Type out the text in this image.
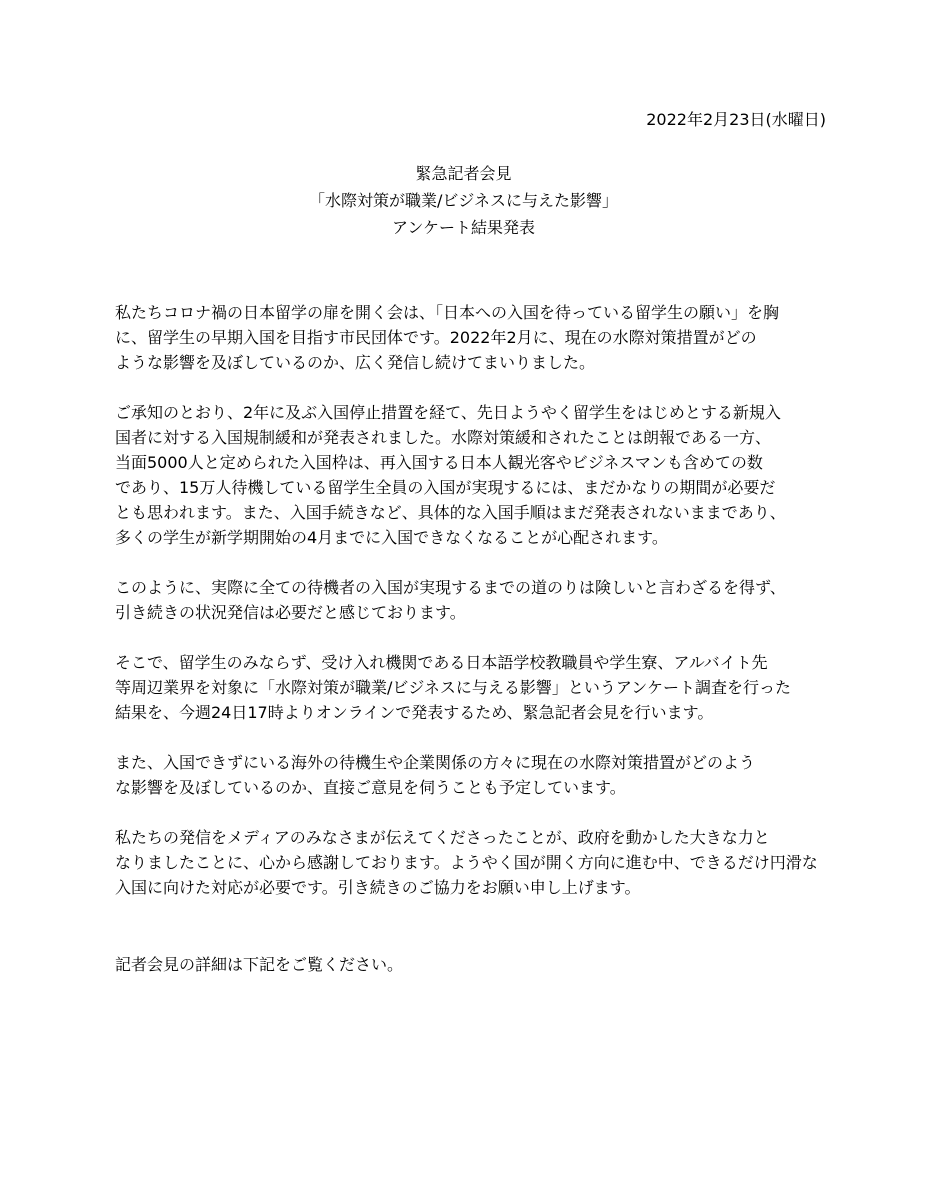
2022年2月23日(水曜日)
緊急記者会見
「水際対策が職業/ビジネスに与えた影響」
アンケート結果発表

私たちコロナ禍の日本留学の扉を開く会は、「日本への入国を待っている留学生の願い」を胸
に、留学生の早期入国を目指す市民団体です。2022年2月に、現在の水際対策措置がどの
ような影響を及ぼしているのか、広く発信し続けてまいりました。

ご承知のとおり、2年に及ぶ入国停止措置を経て、先日ようやく留学生をはじめとする新規入
国者に対する入国規制緩和が発表されました。水際対策緩和されたことは朗報である一方、
当面5000人と定められた入国枠は、再入国する日本人観光客やビジネスマンも含めての数
であり、15万人待機している留学生全員の入国が実現するには、まだかなりの期間が必要だ
とも思われます。また、入国手続きなど、具体的な入国手順はまだ発表されないままであり、
多くの学生が新学期開始の4月までに入国できなくなることが心配されます。

このように、実際に全ての待機者の入国が実現するまでの道のりは険しいと言わざるを得ず、
引き続きの状況発信は必要だと感じております。

そこで、留学生のみならず、受け入れ機関である日本語学校教職員や学生寮、アルバイト先
等周辺業界を対象に「水際対策が職業/ビジネスに与える影響」というアンケート調査を行った
結果を、今週24日17時よりオンラインで発表するため、緊急記者会見を行います。

また、入国できずにいる海外の待機生や企業関係の方々に現在の水際対策措置がどのよう
な影響を及ぼしているのか、直接ご意見を伺うことも予定しています。

私たちの発信をメディアのみなさまが伝えてくださったことが、政府を動かした大きな力と
なりましたことに、心から感謝しております。ようやく国が開く方向に進む中、できるだけ円滑な
入国に向けた対応が必要です。引き続きのご協力をお願い申し上げます。

記者会見の詳細は下記をご覧ください。
